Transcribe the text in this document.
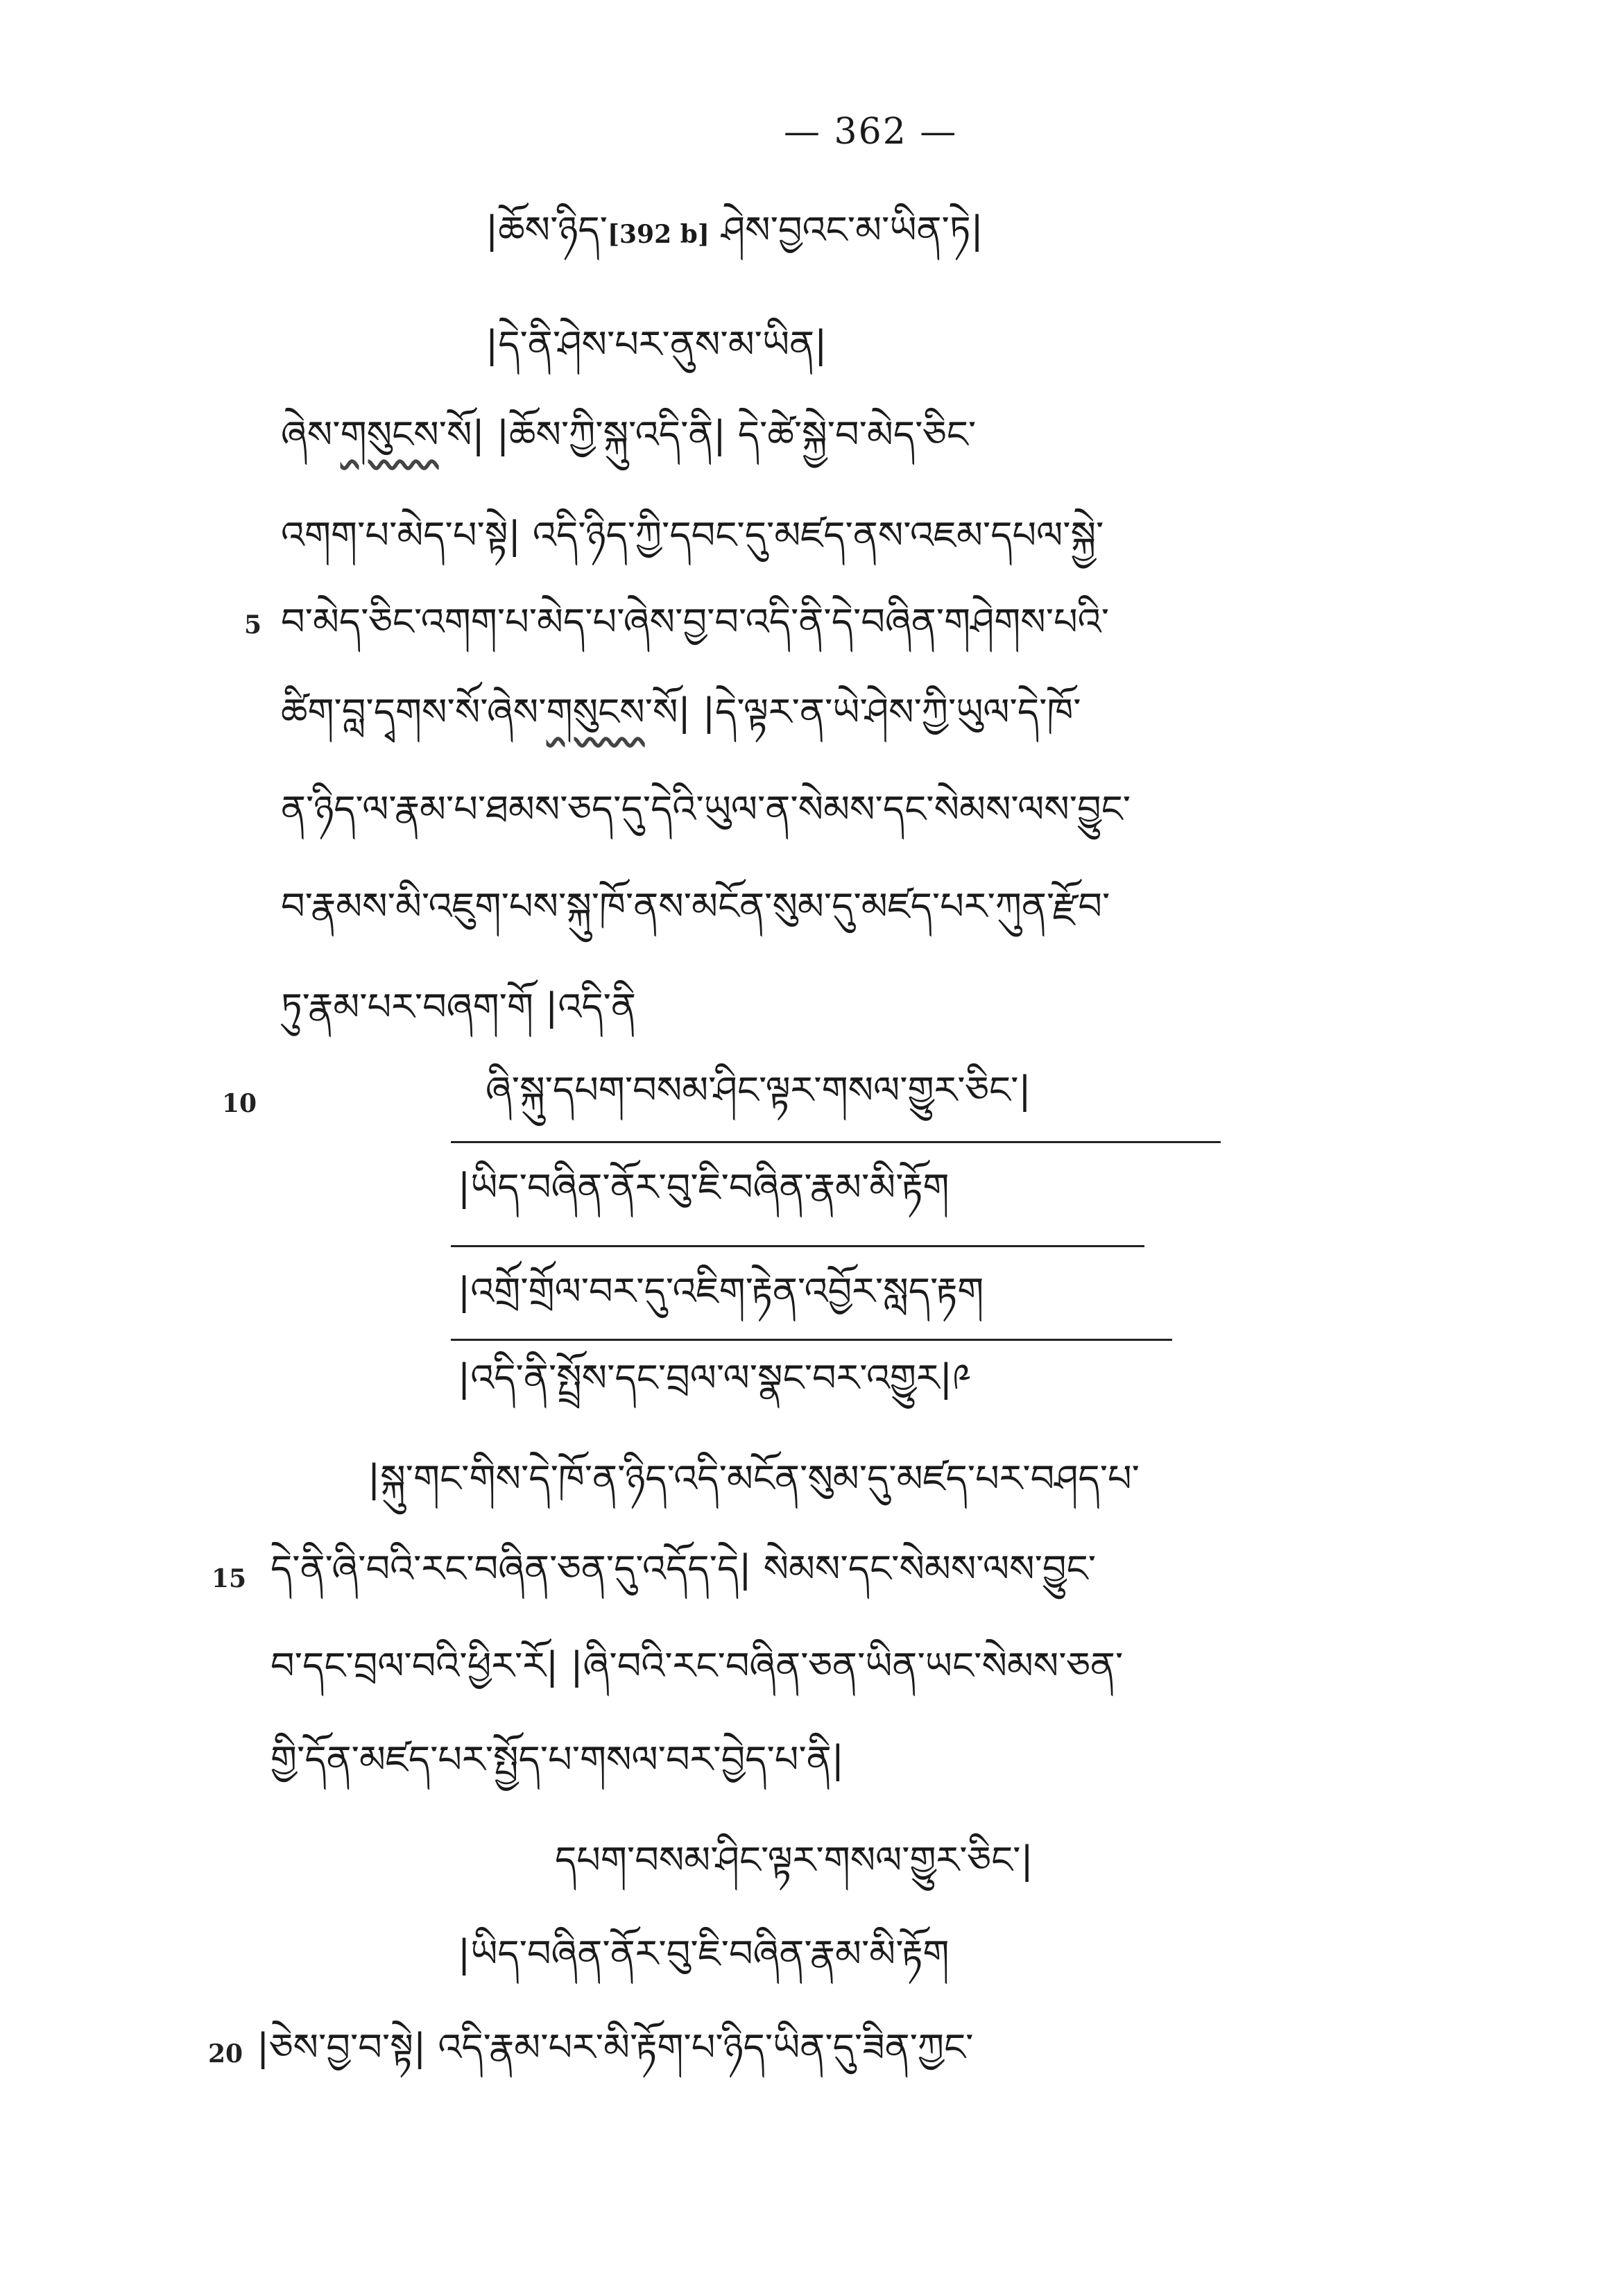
— 362 —
|ཆོས་ཉིད་[392 b] ཤེས་བྱའང་མ་ཡིན་ཏེ|
|དེ་ནི་ཤེས་པར་ནུས་མ་ཡིན|
ཞེས་གསུངས་སོ| |ཆོས་ཀྱི་སྐུ་འདི་ནི| དེ་ཚེ་སྐྱེ་བ་མེད་ཅིང་
འགག་པ་མེད་པ་སྟེ| འདི་ཉིད་ཀྱི་དབང་དུ་མཛད་ནས་འཇམ་དཔལ་སྐྱེ་
5 བ་མེད་ཅིང་འགག་པ་མེད་པ་ཞེས་བྱ་བ་འདི་ནི་དེ་བཞིན་གཤེགས་པའི་
ཚིག་བླ་དྭགས་སོ་ཞེས་གསུངས་སོ| |དེ་ལྟར་ན་ཡེ་ཤེས་ཀྱི་ཡུལ་དེ་ཁོ་
ན་ཉིད་ལ་རྣམ་པ་ཐམས་ཅད་དུ་དེའི་ཡུལ་ན་སེམས་དང་སེམས་ལས་བྱུང་
བ་རྣམས་མི་འཇུག་པས་སྐུ་ཁོ་ནས་མངོན་སུམ་དུ་མཛད་པར་ཀུན་རྫོབ་
ཏུ་རྣམ་པར་བཞག་གོ |འདི་ནི
10	ཞི་སྐུ་དཔག་བསམ་ཤིང་ལྟར་གསལ་གྱུར་ཅིང་|
|ཡིད་བཞིན་ནོར་བུ་ཇི་བཞིན་རྣམ་མི་རྟོག
|འགྲོ་གྲོལ་བར་དུ་འཇིག་རྟེན་འབྱོར་སླད་རྟག
|འདི་ནི་སྤྲོས་དང་བྲལ་ལ་སྣང་བར་འགྱུར|༩
|སྐུ་གང་གིས་དེ་ཁོ་ན་ཉིད་འདི་མངོན་སུམ་དུ་མཛད་པར་བཤད་པ་
15 དེ་ནི་ཞི་བའི་རང་བཞིན་ཅན་དུ་འདོད་དེ| སེམས་དང་སེམས་ལས་བྱུང་
བ་དང་བྲལ་བའི་ཕྱིར་རོ| |ཞི་བའི་རང་བཞིན་ཅན་ཡིན་ཡང་སེམས་ཅན་
གྱི་དོན་མཛད་པར་སྤྱོད་པ་གསལ་བར་བྱེད་པ་ནི|
དཔག་བསམ་ཤིང་ལྟར་གསལ་གྱུར་ཅིང་|
|ཡིད་བཞིན་ནོར་བུ་ཇི་བཞིན་རྣམ་མི་རྟོག
20 |ཅེས་བྱ་བ་སྟེ| འདི་རྣམ་པར་མི་རྟོག་པ་ཉིད་ཡིན་དུ་ཟིན་ཀྱང་
